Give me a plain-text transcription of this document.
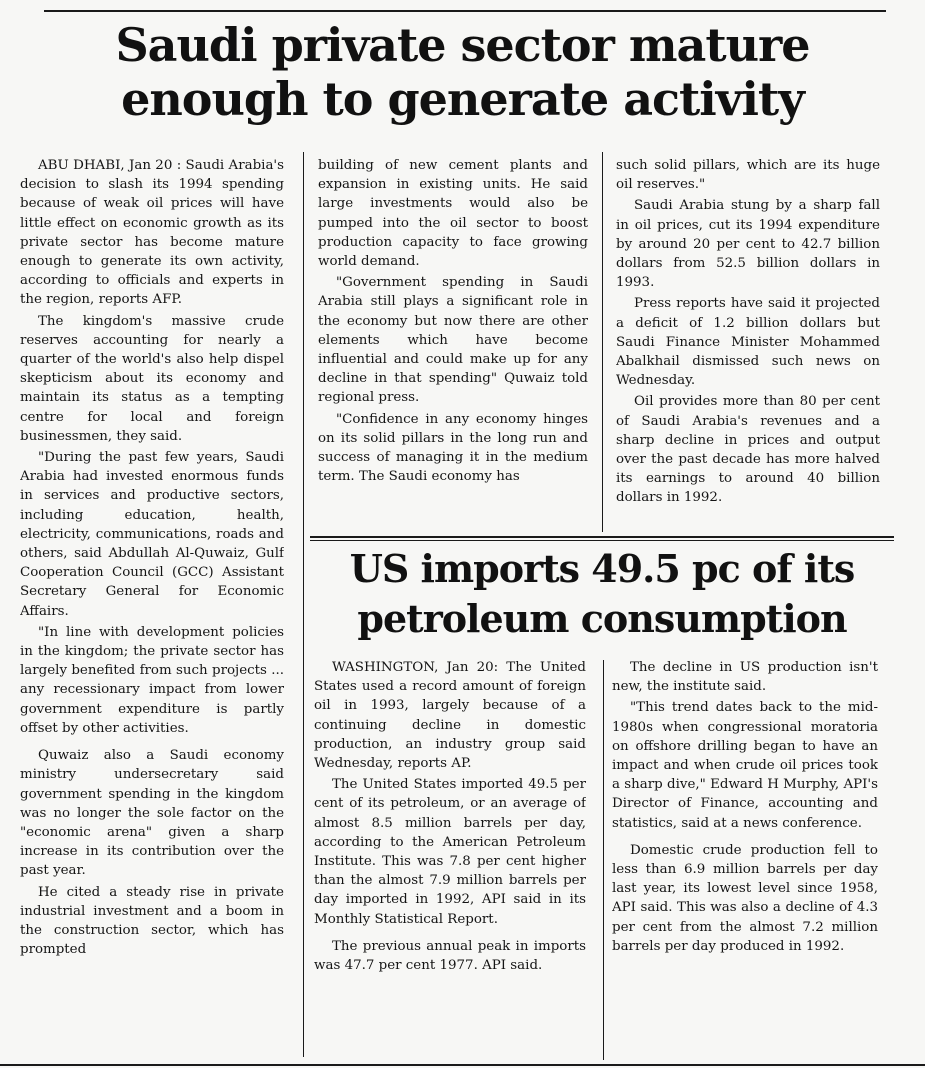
Saudi private sector mature
enough to generate activity

ABU DHABI, Jan 20 : Saudi Arabia's decision to slash its 1994 spending because of weak oil prices will have little effect on economic growth as its private sector has become mature enough to generate its own activity, according to officials and experts in the region, reports AFP.

The kingdom's massive crude reserves accounting for nearly a quarter of the world's also help dispel skepticism about its economy and maintain its status as a tempting centre for local and foreign businessmen, they said.

"During the past few years, Saudi Arabia had invested enormous funds in services and productive sectors, including education, health, electricity, communications, roads and others, said Abdullah Al-Quwaiz, Gulf Cooperation Council (GCC) Assistant Secretary General for Economic Affairs.

"In line with development policies in the kingdom; the private sector has largely benefited from such projects ... any recessionary impact from lower government expenditure is partly offset by other activities.

Quwaiz also a Saudi economy ministry undersecretary said government spending in the kingdom was no longer the sole factor on the "economic arena" given a sharp increase in its contribution over the past year.

He cited a steady rise in private industrial investment and a boom in the construction sector, which has prompted

building of new cement plants and expansion in existing units. He said large investments would also be pumped into the oil sector to boost production capacity to face growing world demand.

"Government spending in Saudi Arabia still plays a significant role in the economy but now there are other elements which have become influential and could make up for any decline in that spending" Quwaiz told regional press.

"Confidence in any economy hinges on its solid pillars in the long run and success of managing it in the medium term. The Saudi economy has

such solid pillars, which are its huge oil reserves."

Saudi Arabia stung by a sharp fall in oil prices, cut its 1994 expenditure by around 20 per cent to 42.7 billion dollars from 52.5 billion dollars in 1993.

Press reports have said it projected a deficit of 1.2 billion dollars but Saudi Finance Minister Mohammed Abalkhail dismissed such news on Wednesday.

Oil provides more than 80 per cent of Saudi Arabia's revenues and a sharp decline in prices and output over the past decade has more halved its earnings to around 40 billion dollars in 1992.

US imports 49.5 pc of its
petroleum consumption

WASHINGTON, Jan 20: The United States used a record amount of foreign oil in 1993, largely because of a continuing decline in domestic production, an industry group said Wednesday, reports AP.

The United States imported 49.5 per cent of its petroleum, or an average of almost 8.5 million barrels per day, according to the American Petroleum Institute. This was 7.8 per cent higher than the almost 7.9 million barrels per day imported in 1992, API said in its Monthly Statistical Report.

The previous annual peak in imports was 47.7 per cent 1977. API said.

The decline in US production isn't new, the institute said.

"This trend dates back to the mid-1980s when congressional moratoria on offshore drilling began to have an impact and when crude oil prices took a sharp dive," Edward H Murphy, API's Director of Finance, accounting and statistics, said at a news conference.

Domestic crude production fell to less than 6.9 million barrels per day last year, its lowest level since 1958, API said. This was also a decline of 4.3 per cent from the almost 7.2 million barrels per day produced in 1992.
